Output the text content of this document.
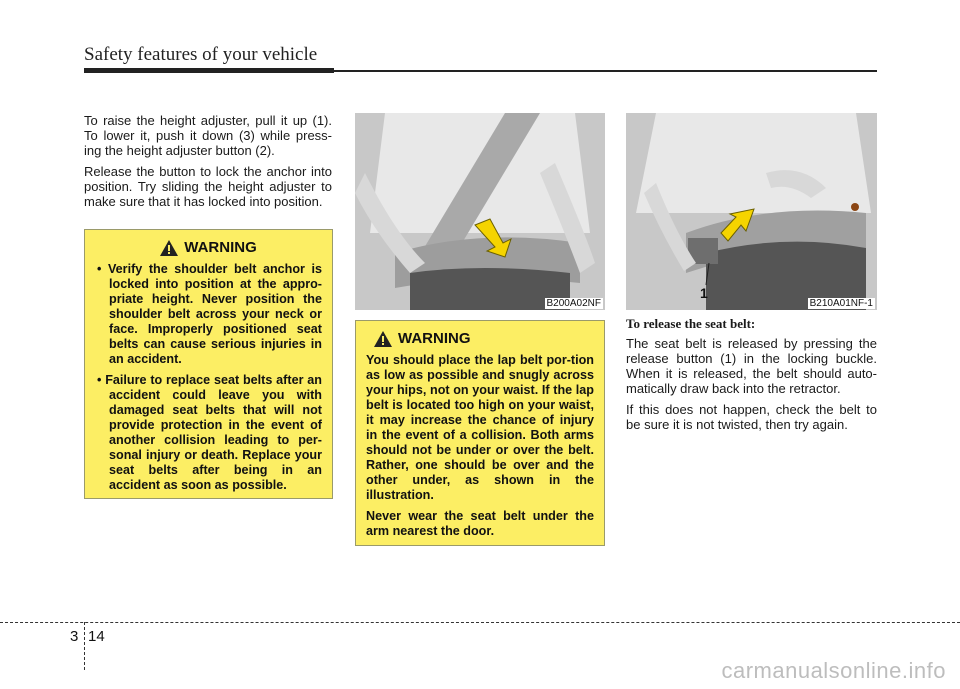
Safety features of your vehicle

To raise the height adjuster, pull it up (1). To lower it, push it down (3) while press-ing the height adjuster button (2).

Release the button to lock the anchor into position. Try sliding the height adjuster to make sure that it has locked into position.

WARNING
• Verify the shoulder belt anchor is locked into position at the appro-priate height. Never position the shoulder belt across your neck or face. Improperly positioned seat belts can cause serious injuries in an accident.
• Failure to replace seat belts after an accident could leave you with damaged seat belts that will not provide protection in the event of another collision leading to per-sonal injury or death. Replace your seat belts after being in an accident as soon as possible.
B200A02NF
WARNING

You should place the lap belt por-tion as low as possible and snugly across your hips, not on your waist. If the lap belt is located too high on your waist, it may increase the chance of injury in the event of a collision. Both arms should not be under or over the belt. Rather, one should be over and the other under, as shown in the illustration.

Never wear the seat belt under the arm nearest the door.

1
B210A01NF-1
To release the seat belt:

The seat belt is released by pressing the release button (1) in the locking buckle. When it is released, the belt should auto-matically draw back into the retractor.

If this does not happen, check the belt to be sure it is not twisted, then try again.

3 14
carmanualsonline.info
